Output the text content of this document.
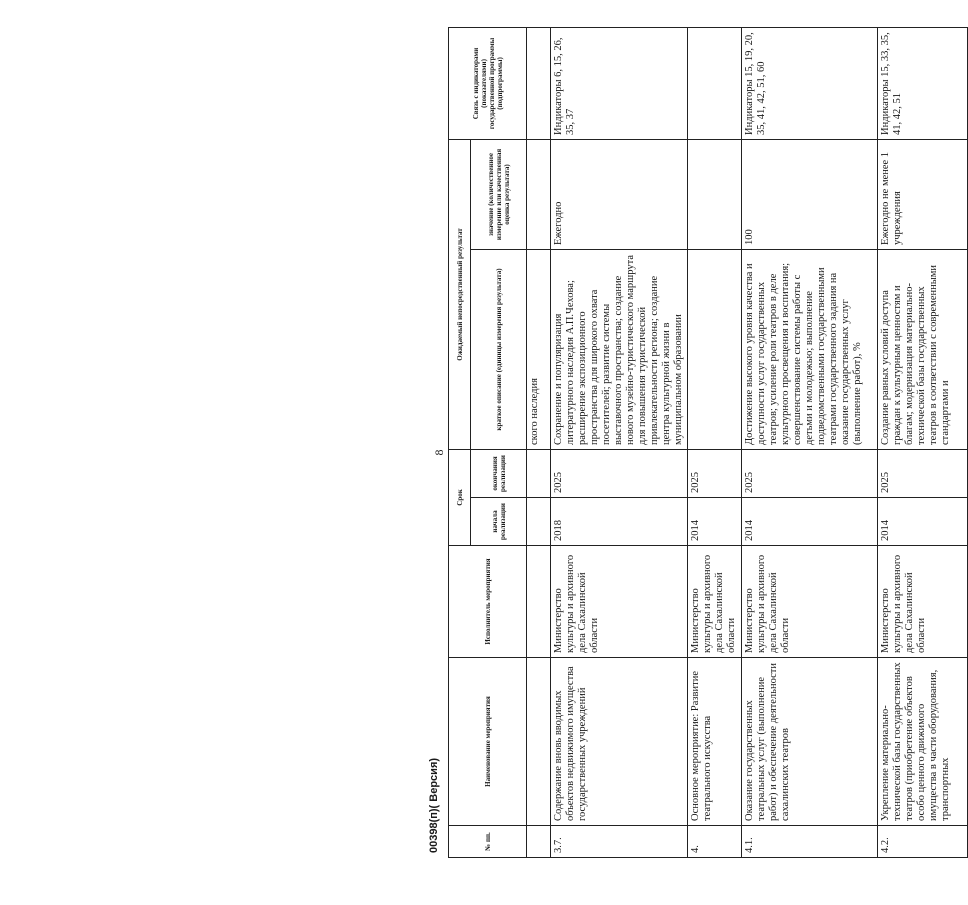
8
№ пп.	Наименование мероприятия	Исполнитель мероприятия	Срок		Ожидаемый непосредственный результат		Связь с индикаторами (показателями) государственной программы (подпрограммы)
			начала реализации	окончания реализации	краткое описание (единицы измерения результата)	значение (количественное измерение или качественная оценка результата)	
					ского наследия		
3.7.	Содержание вновь вводимых объектов недвижимого имущества государственных учреждений	Министерство культуры и архивного дела Сахалинской области	2018	2025	Сохранение и популяризация литературного наследия А.П.Чехова; расширение экспозиционного пространства для широкого охвата посетителей; развитие системы выставочного пространства; создание нового музейно-туристического маршрута для повышения туристической привлекательности региона; создание центра культурной жизни в муниципальном образовании	Ежегодно	Индикаторы 6, 15, 26, 35, 37
4.	Основное мероприятие: Развитие театрального искусства	Министерство культуры и архивного дела Сахалинской области	2014	2025			
4.1.	Оказание государственных театральных услуг (выполнение работ) и обеспечение деятельности сахалинских театров	Министерство культуры и архивного дела Сахалинской области	2014	2025	Достижение высокого уровня качества и доступности услуг государственных театров; усиление роли театров в деле культурного просвещения и воспитания; совершенствование системы работы с детьми и молодежью; выполнение подведомственными государственными театрами государственного задания на оказание государственных услуг (выполнение работ), %	100	Индикаторы 15, 19, 20, 35, 41, 42, 51, 60
4.2.	Укрепление материально-технической базы государственных театров (приобретение объектов особо ценного движимого имущества в части оборудования, транспортных	Министерство культуры и архивного дела Сахалинской области	2014	2025	Создание равных условий доступа граждан к культурным ценностям и благам; модернизация материально-технической базы государственных театров в соответствии с современными стандартами и	Ежегодно не менее 1 учреждения	Индикаторы 15, 33, 35, 41, 42, 51
00398(п)( Версия)
